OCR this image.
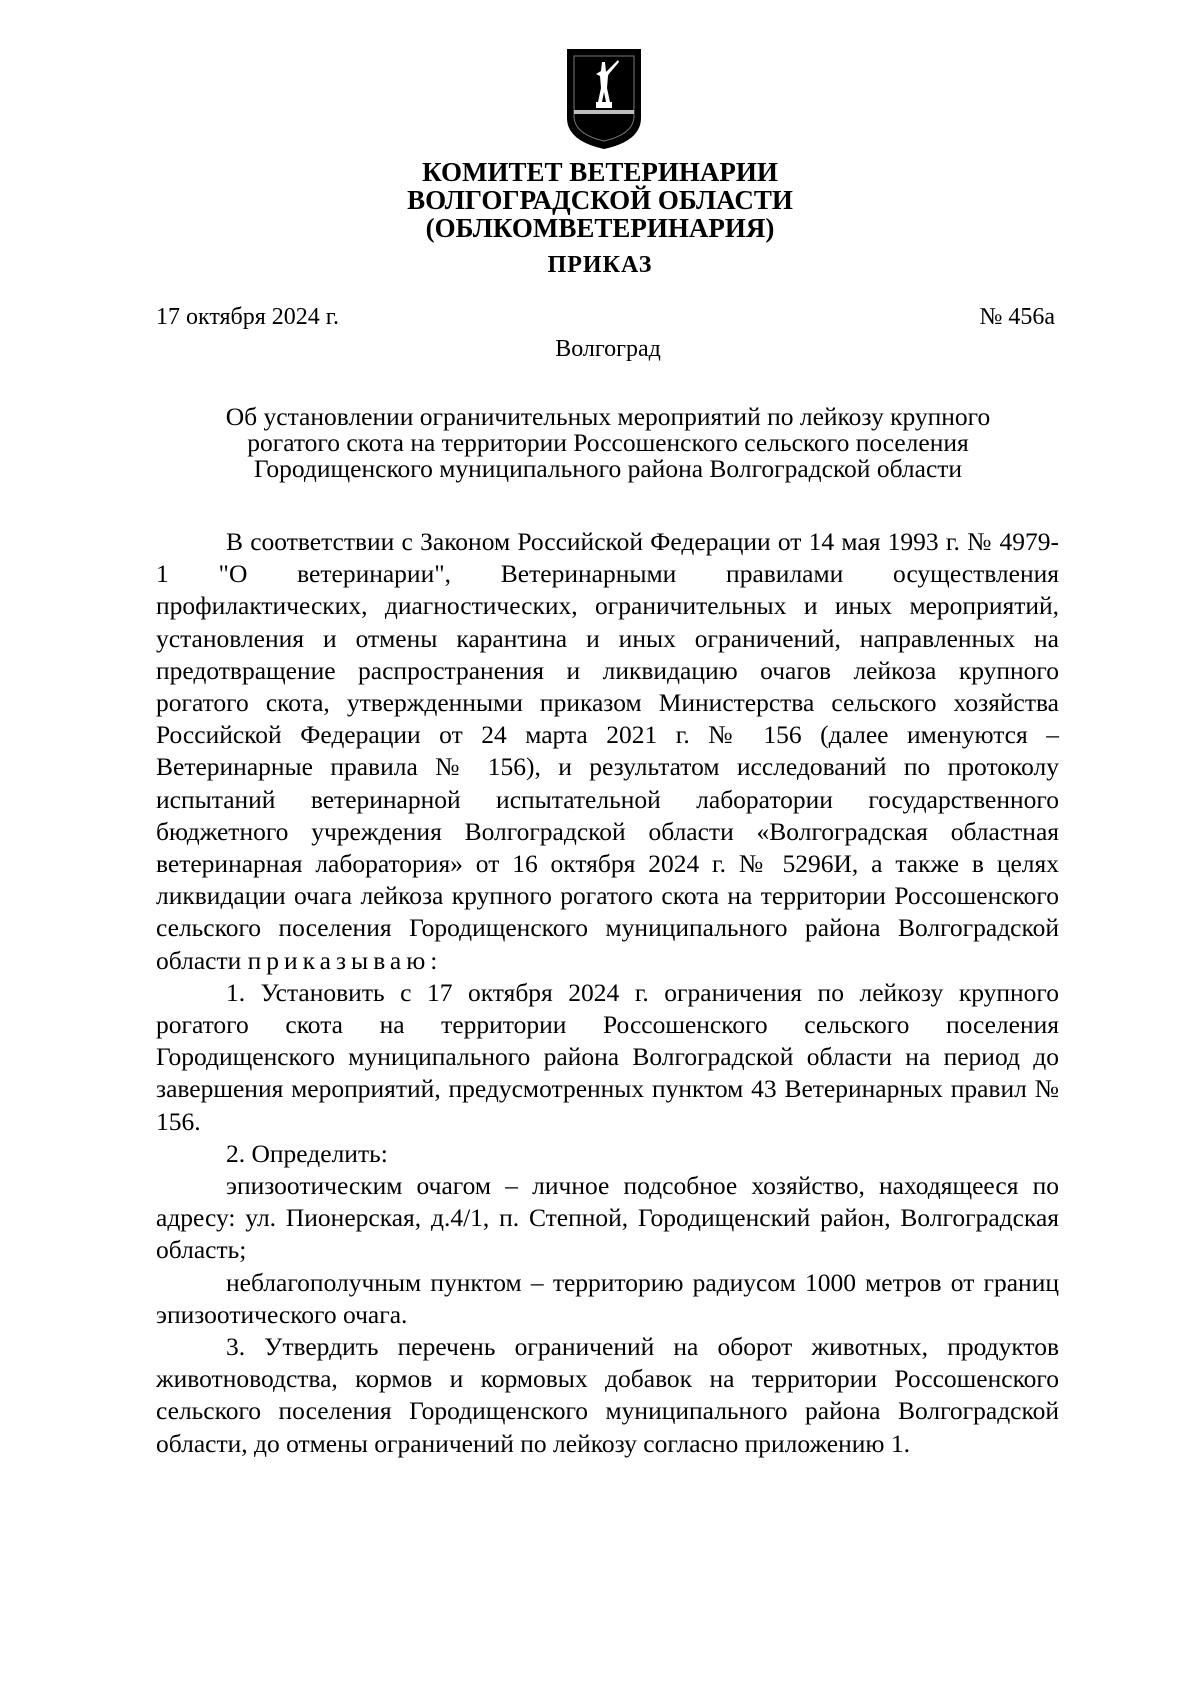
КОМИТЕТ ВЕТЕРИНАРИИ
ВОЛГОГРАДСКОЙ ОБЛАСТИ
(ОБЛКОМВЕТЕРИНАРИЯ)
ПРИКАЗ
17 октября 2024 г.	№ 456а
Волгоград
Об установлении ограничительных мероприятий по лейкозу крупного
рогатого скота на территории Россошенского сельского поселения
Городищенского муниципального района Волгоградской области

В соответствии с Законом Российской Федерации от 14 мая 1993 г. № 4979-1 "О ветеринарии", Ветеринарными правилами осуществления профилактических, диагностических, ограничительных и иных мероприятий, установления и отмены карантина и иных ограничений, направленных на предотвращение распространения и ликвидацию очагов лейкоза крупного рогатого скота, утвержденными приказом Министерства сельского хозяйства Российской Федерации от 24 марта 2021 г. № 156 (далее именуются – Ветеринарные правила № 156), и результатом исследований по протоколу испытаний ветеринарной испытательной лаборатории государственного бюджетного учреждения Волгоградской области «Волгоградская областная ветеринарная лаборатория» от 16 октября 2024 г. № 5296И, а также в целях ликвидации очага лейкоза крупного рогатого скота на территории Россошенского сельского поселения Городищенского муниципального района Волгоградской области приказываю:

1. Установить с 17 октября 2024 г. ограничения по лейкозу крупного рогатого скота на территории Россошенского сельского поселения Городищенского муниципального района Волгоградской области на период до завершения мероприятий, предусмотренных пунктом 43 Ветеринарных правил № 156.

2. Определить:

эпизоотическим очагом – личное подсобное хозяйство, находящееся по адресу: ул. Пионерская, д.4/1, п. Степной, Городищенский район, Волгоградская область;

неблагополучным пунктом – территорию радиусом 1000 метров от границ эпизоотического очага.

3. Утвердить перечень ограничений на оборот животных, продуктов животноводства, кормов и кормовых добавок на территории Россошенского сельского поселения Городищенского муниципального района Волгоградской области, до отмены ограничений по лейкозу согласно приложению 1.
